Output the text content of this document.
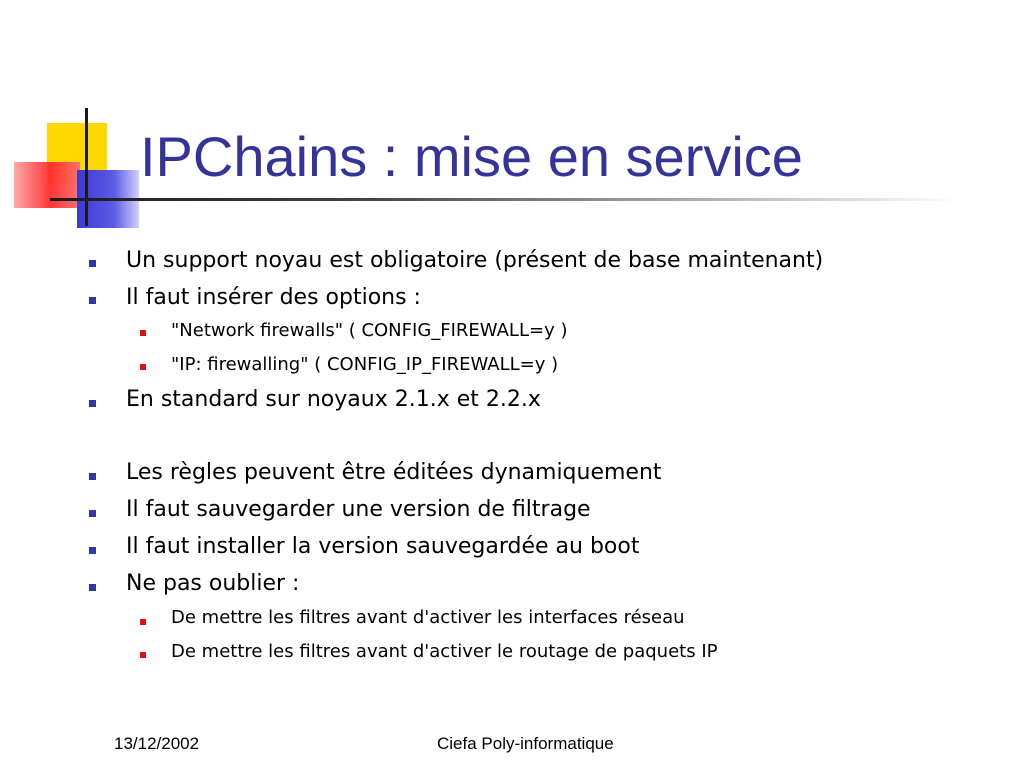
IPChains : mise en service
Un support noyau est obligatoire (présent de base maintenant)
Il faut insérer des options :
"Network firewalls" ( CONFIG_FIREWALL=y )
"IP: firewalling" ( CONFIG_IP_FIREWALL=y )
En standard sur noyaux 2.1.x et 2.2.x
Les règles peuvent être éditées dynamiquement
Il faut sauvegarder une version de filtrage
Il faut installer la version sauvegardée au boot
Ne pas oublier :
De mettre les filtres avant d'activer les interfaces réseau
De mettre les filtres avant d'activer le routage de paquets IP
13/12/2002	Ciefa Poly-informatique
